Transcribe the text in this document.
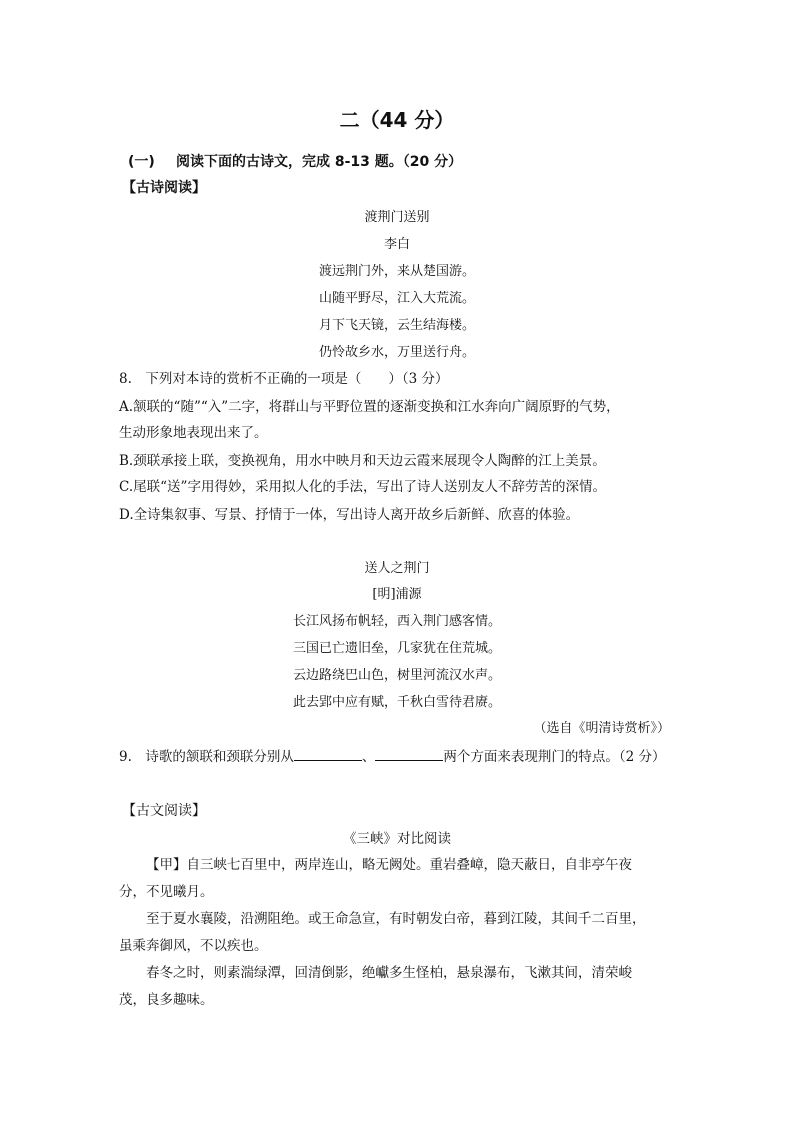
二（44 分）
(一) 阅读下面的古诗文，完成 8-13 题。（20 分）
【古诗阅读】
渡荆门送别
李白
渡远荆门外，来从楚国游。
山随平野尽，江入大荒流。
月下飞天镜，云生结海楼。
仍怜故乡水，万里送行舟。
8.　下列对本诗的赏析不正确的一项是（　　）（3 分）
A.颔联的“随”“入”二字，将群山与平野位置的逐渐变换和江水奔向广阔原野的气势，
生动形象地表现出来了。
B.颈联承接上联，变换视角，用水中映月和天边云霞来展现令人陶醉的江上美景。
C.尾联“送”字用得妙，采用拟人化的手法，写出了诗人送别友人不辞劳苦的深情。
D.全诗集叙事、写景、抒情于一体，写出诗人离开故乡后新鲜、欣喜的体验。
送人之荆门
[明]浦源
长江风扬布帆轻，西入荆门感客情。
三国已亡遗旧垒，几家犹在住荒城。
云边路绕巴山色，树里河流汉水声。
此去郢中应有赋，千秋白雪待君赓。
（选自《明清诗赏析》）
9.　诗歌的颔联和颈联分别从	、	两个方面来表现荆门的特点。（2 分）
【古文阅读】
《三峡》对比阅读
【甲】自三峡七百里中，两岸连山，略无阙处。重岩叠嶂，隐天蔽日，自非亭午夜
分，不见曦月。
至于夏水襄陵，沿溯阻绝。或王命急宣，有时朝发白帝，暮到江陵，其间千二百里，
虽乘奔御风，不以疾也。
春冬之时，则素湍绿潭，回清倒影，绝巘多生怪柏，悬泉瀑布，飞漱其间，清荣峻
茂，良多趣味。
